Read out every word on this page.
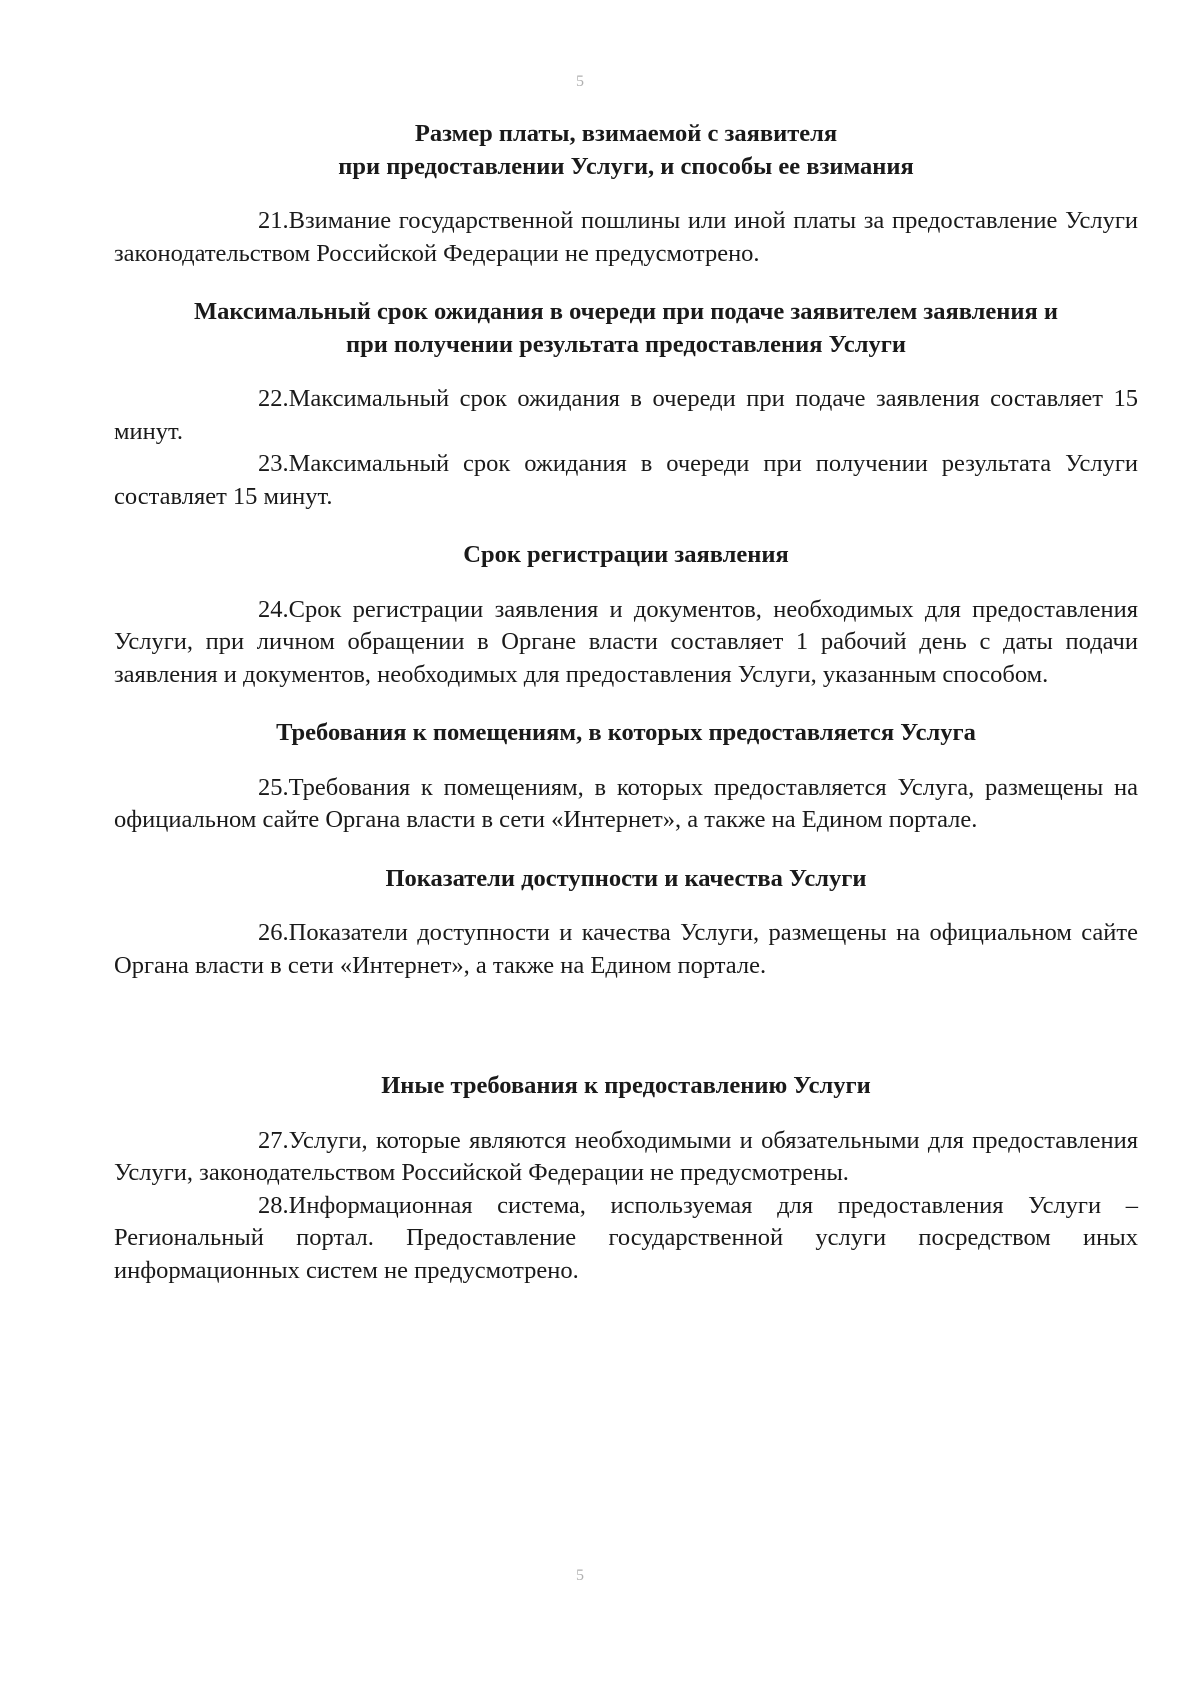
5

Размер платы, взимаемой с заявителя

при предоставлении Услуги, и способы ее взимания

21.Взимание государственной пошлины или иной платы за предоставление Услуги законодательством Российской Федерации не предусмотрено.

Максимальный срок ожидания в очереди при подаче заявителем заявления и

при получении результата предоставления Услуги

22.Максимальный срок ожидания в очереди при подаче заявления составляет 15 минут.

23.Максимальный срок ожидания в очереди при получении результата Услуги составляет 15 минут.

Срок регистрации заявления

24.Срок регистрации заявления и документов, необходимых для предоставления Услуги, при личном обращении в Органе власти составляет 1 рабочий день с даты подачи заявления и документов, необходимых для предоставления Услуги, указанным способом.

Требования к помещениям, в которых предоставляется Услуга

25.Требования к помещениям, в которых предоставляется Услуга, размещены на официальном сайте Органа власти в сети «Интернет», а также на Едином портале.

Показатели доступности и качества Услуги

26.Показатели доступности и качества Услуги, размещены на официальном сайте Органа власти в сети «Интернет», а также на Едином портале.

Иные требования к предоставлению Услуги

27.Услуги, которые являются необходимыми и обязательными для предоставления Услуги, законодательством Российской Федерации не предусмотрены.

28.Информационная система, используемая для предоставления Услуги – Региональный портал. Предоставление государственной услуги посредством иных информационных систем не предусмотрено.

5
